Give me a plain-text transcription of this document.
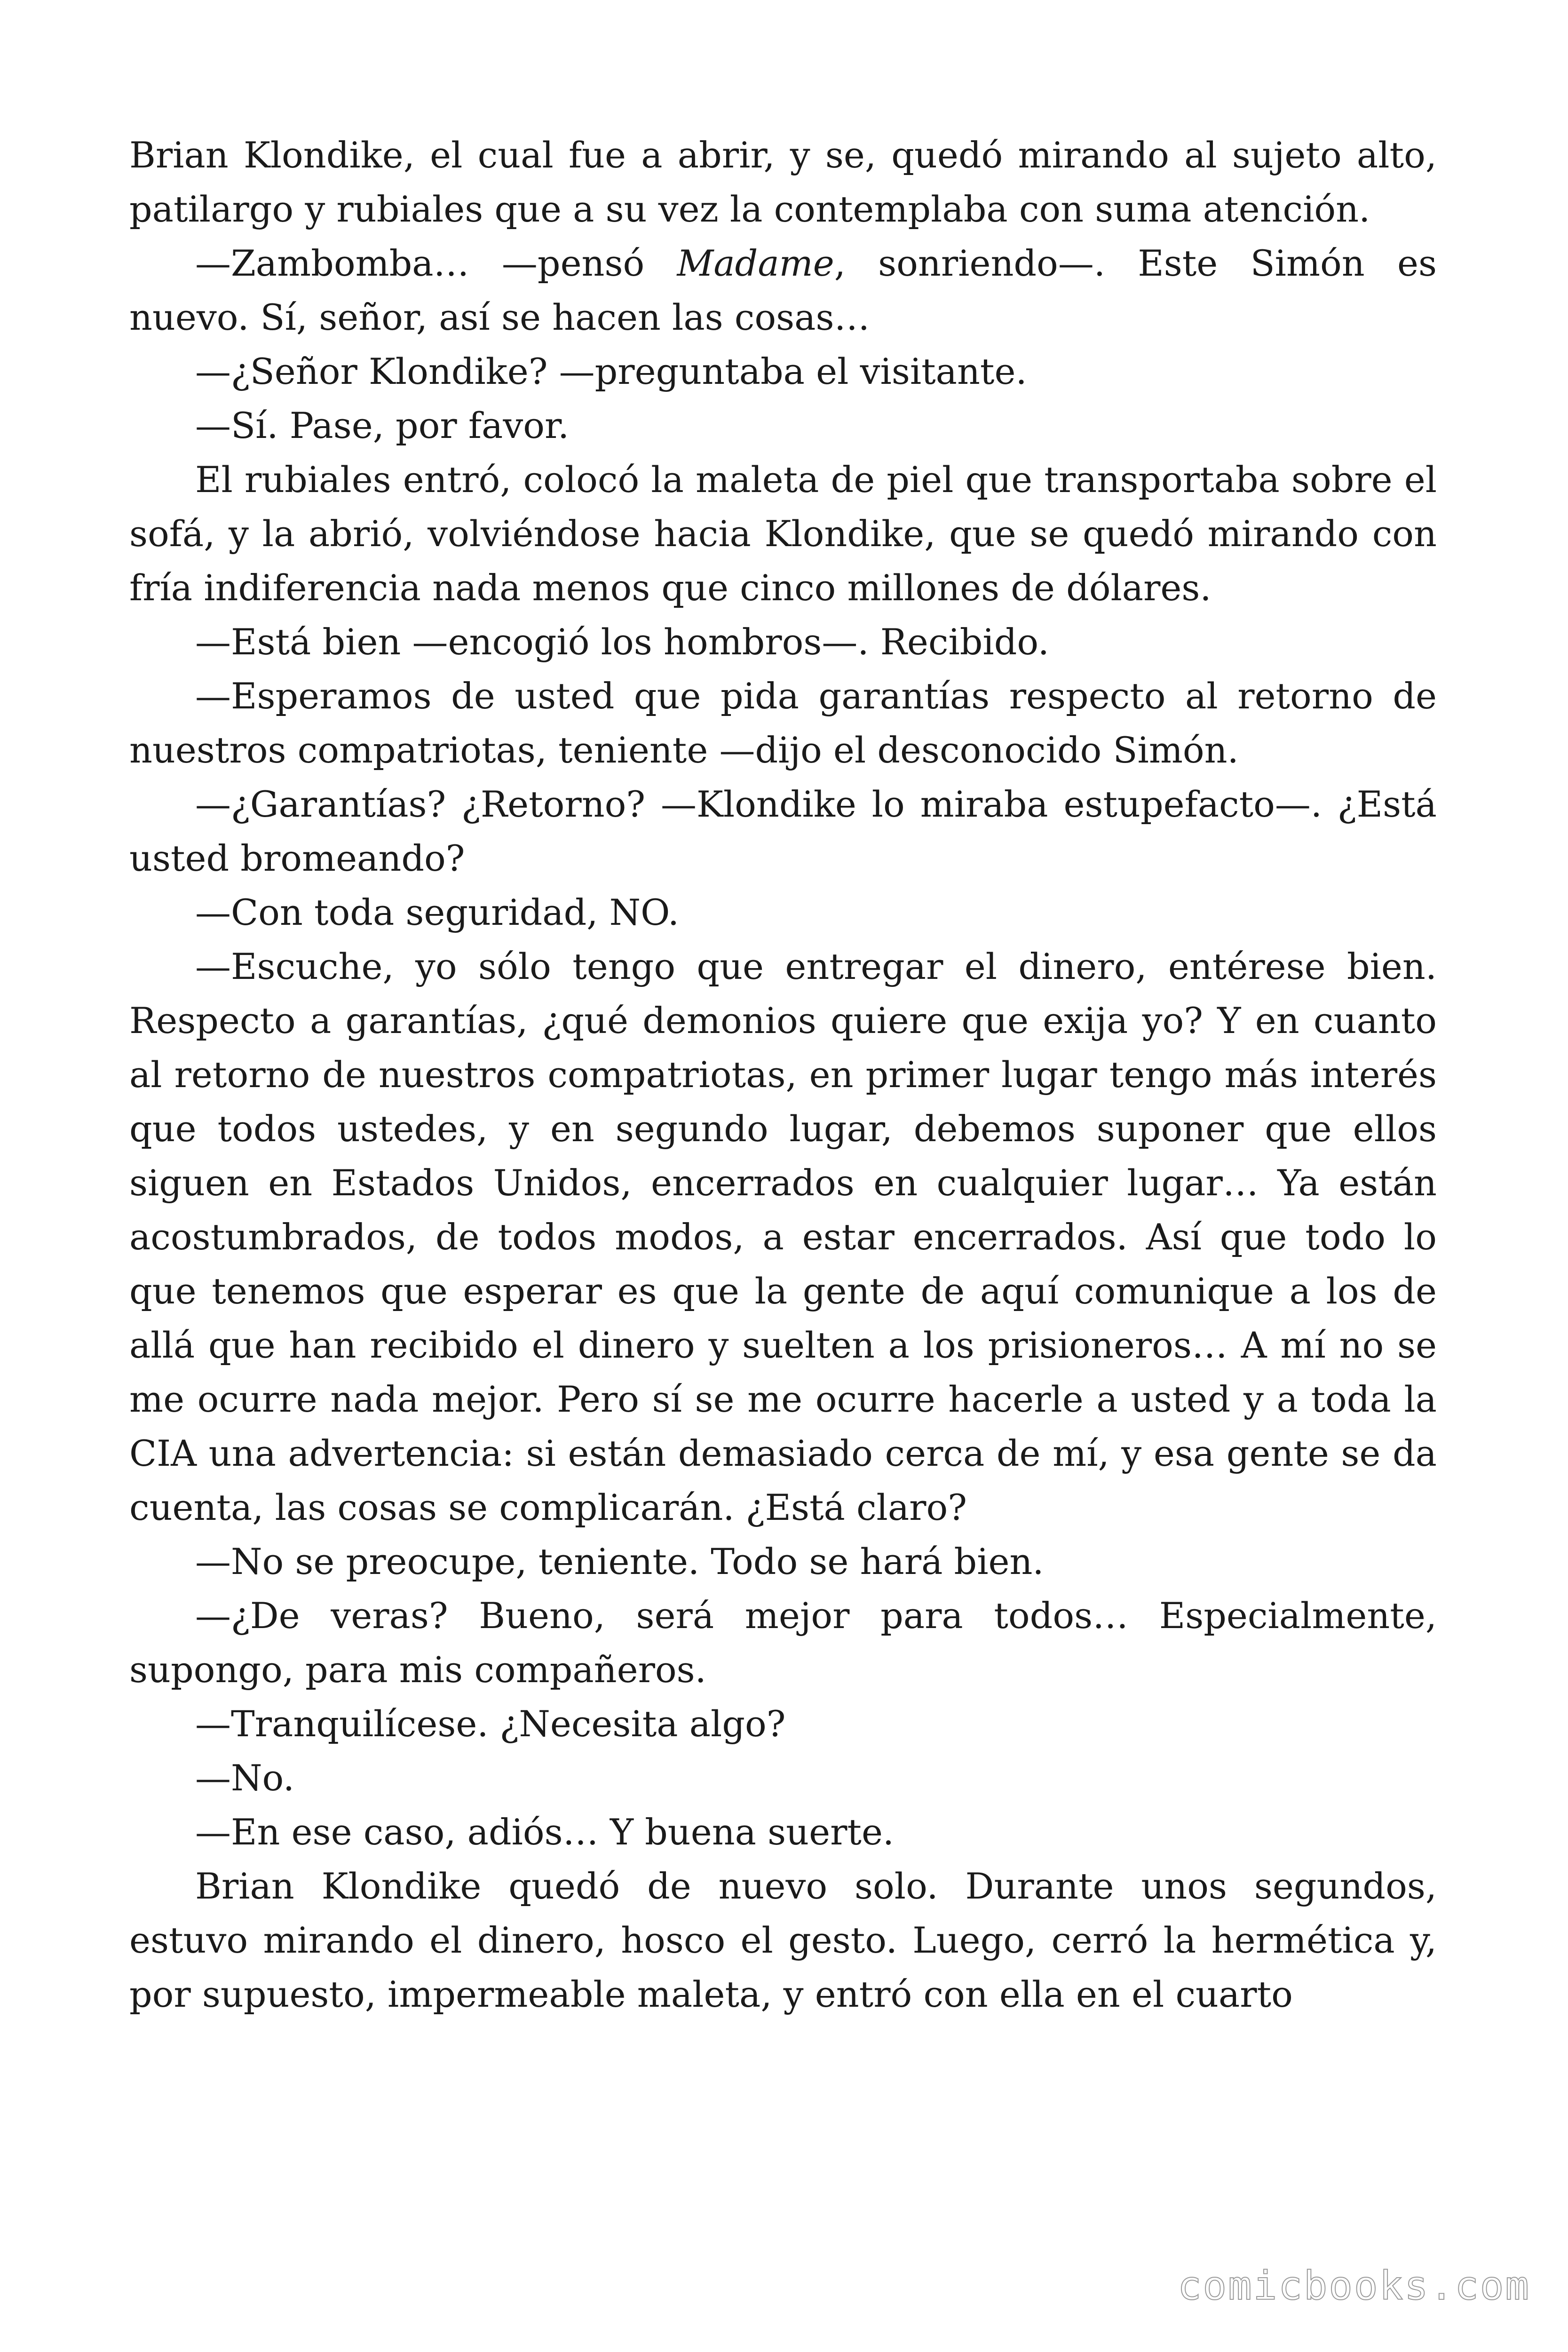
Brian Klondike, el cual fue a abrir, y se, quedó mirando al sujeto alto, patilargo y rubiales que a su vez la contemplaba con suma atención.

—Zambomba… —pensó Madame, sonriendo—. Este Simón es nuevo. Sí, señor, así se hacen las cosas…

—¿Señor Klondike? —preguntaba el visitante.

—Sí. Pase, por favor.

El rubiales entró, colocó la maleta de piel que transportaba sobre el sofá, y la abrió, volviéndose hacia Klondike, que se quedó mirando con fría indiferencia nada menos que cinco millones de dólares.

—Está bien —encogió los hombros—. Recibido.

—Esperamos de usted que pida garantías respecto al retorno de nuestros compatriotas, teniente —dijo el desconocido Simón.

—¿Garantías? ¿Retorno? —Klondike lo miraba estupefacto—. ¿Está usted bromeando?

—Con toda seguridad, NO.

—Escuche, yo sólo tengo que entregar el dinero, entérese bien. Respecto a garantías, ¿qué demonios quiere que exija yo? Y en cuanto al retorno de nuestros compatriotas, en primer lugar tengo más interés que todos ustedes, y en segundo lugar, debemos suponer que ellos siguen en Estados Unidos, encerrados en cualquier lugar… Ya están acostumbrados, de todos modos, a estar encerrados. Así que todo lo que tenemos que esperar es que la gente de aquí comunique a los de allá que han recibido el dinero y suelten a los prisioneros… A mí no se me ocurre nada mejor. Pero sí se me ocurre hacerle a usted y a toda la CIA una advertencia: si están demasiado cerca de mí, y esa gente se da cuenta, las cosas se complicarán. ¿Está claro?

—No se preocupe, teniente. Todo se hará bien.

—¿De veras? Bueno, será mejor para todos… Especialmente, supongo, para mis compañeros.

—Tranquilícese. ¿Necesita algo?

—No.

—En ese caso, adiós… Y buena suerte.

Brian Klondike quedó de nuevo solo. Durante unos segundos, estuvo mirando el dinero, hosco el gesto. Luego, cerró la hermética y, por supuesto, impermeable maleta, y entró con ella en el cuarto

comicbooks.com
